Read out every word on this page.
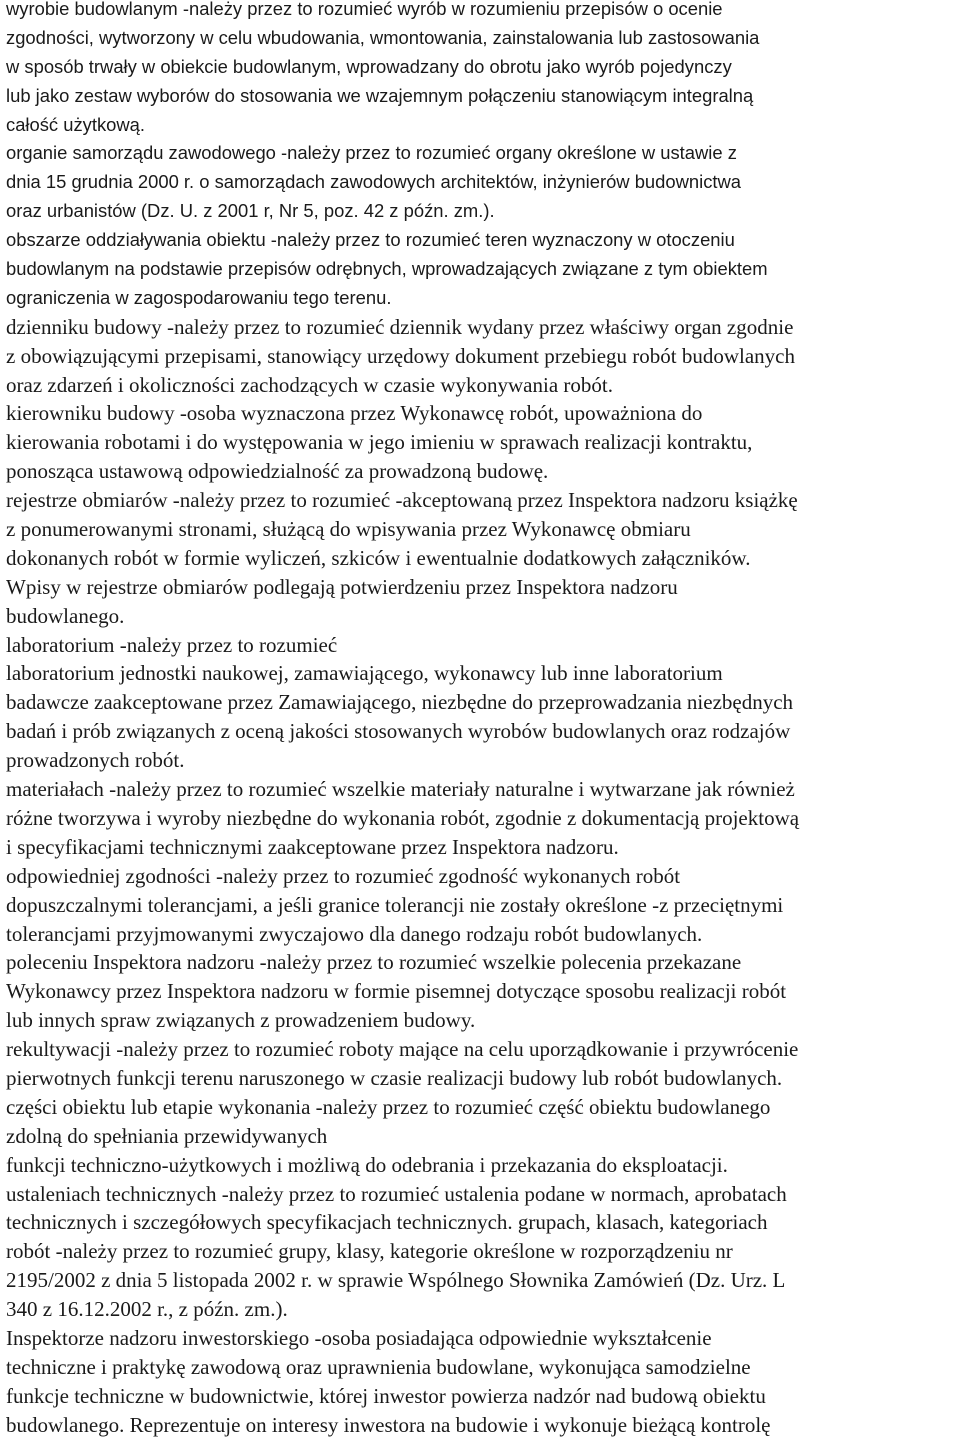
wyrobie budowlanym -należy przez to rozumieć wyrób w rozumieniu przepisów o ocenie
zgodności, wytworzony w celu wbudowania, wmontowania, zainstalowania lub zastosowania
w sposób trwały w obiekcie budowlanym, wprowadzany do obrotu jako wyrób pojedynczy
lub jako zestaw wyborów do stosowania we wzajemnym połączeniu stanowiącym integralną
całość użytkową.
organie samorządu zawodowego -należy przez to rozumieć organy określone w ustawie z
dnia 15 grudnia 2000 r. o samorządach zawodowych architektów, inżynierów budownictwa
oraz urbanistów (Dz. U. z 2001 r, Nr 5, poz. 42 z późn. zm.).
obszarze oddziaływania obiektu -należy przez to rozumieć teren wyznaczony w otoczeniu
budowlanym na podstawie przepisów odrębnych, wprowadzających związane z tym obiektem
ograniczenia w zagospodarowaniu tego terenu.
dzienniku budowy -należy przez to rozumieć dziennik wydany przez właściwy organ zgodnie
z obowiązującymi przepisami, stanowiący urzędowy dokument przebiegu robót budowlanych
oraz zdarzeń i okoliczności zachodzących w czasie wykonywania robót.
kierowniku budowy -osoba wyznaczona przez Wykonawcę robót, upoważniona do
kierowania robotami i do występowania w jego imieniu w sprawach realizacji kontraktu,
ponosząca ustawową odpowiedzialność za prowadzoną budowę.
rejestrze obmiarów -należy przez to rozumieć -akceptowaną przez Inspektora nadzoru książkę
z ponumerowanymi stronami, służącą do wpisywania przez Wykonawcę obmiaru
dokonanych robót w formie wyliczeń, szkiców i ewentualnie dodatkowych załączników.
Wpisy w rejestrze obmiarów podlegają potwierdzeniu przez Inspektora nadzoru
budowlanego.
laboratorium -należy przez to rozumieć
laboratorium jednostki naukowej, zamawiającego, wykonawcy lub inne laboratorium
badawcze zaakceptowane przez Zamawiającego, niezbędne do przeprowadzania niezbędnych
badań i prób związanych z oceną jakości stosowanych wyrobów budowlanych oraz rodzajów
prowadzonych robót.
materiałach -należy przez to rozumieć wszelkie materiały naturalne i wytwarzane jak również
różne tworzywa i wyroby niezbędne do wykonania robót, zgodnie z dokumentacją projektową
i specyfikacjami technicznymi zaakceptowane przez Inspektora nadzoru.
odpowiedniej zgodności -należy przez to rozumieć zgodność wykonanych robót
dopuszczalnymi tolerancjami, a jeśli granice tolerancji nie zostały określone -z przeciętnymi
tolerancjami przyjmowanymi zwyczajowo dla danego rodzaju robót budowlanych.
poleceniu Inspektora nadzoru -należy przez to rozumieć wszelkie polecenia przekazane
Wykonawcy przez Inspektora nadzoru w formie pisemnej dotyczące sposobu realizacji robót
lub innych spraw związanych z prowadzeniem budowy.
rekultywacji -należy przez to rozumieć roboty mające na celu uporządkowanie i przywrócenie
pierwotnych funkcji terenu naruszonego w czasie realizacji budowy lub robót budowlanych.
części obiektu lub etapie wykonania -należy przez to rozumieć część obiektu budowlanego
zdolną do spełniania przewidywanych
funkcji techniczno-użytkowych i możliwą do odebrania i przekazania do eksploatacji.
ustaleniach technicznych -należy przez to rozumieć ustalenia podane w normach, aprobatach
technicznych i szczegółowych specyfikacjach technicznych. grupach, klasach, kategoriach
robót -należy przez to rozumieć grupy, klasy, kategorie określone w rozporządzeniu nr
2195/2002 z dnia 5 listopada 2002 r. w sprawie Wspólnego Słownika Zamówień (Dz. Urz. L
340 z 16.12.2002 r., z późn. zm.).
Inspektorze nadzoru inwestorskiego -osoba posiadająca odpowiednie wykształcenie
techniczne i praktykę zawodową oraz uprawnienia budowlane, wykonująca samodzielne
funkcje techniczne w budownictwie, której inwestor powierza nadzór nad budową obiektu
budowlanego. Reprezentuje on interesy inwestora na budowie i wykonuje bieżącą kontrolę
